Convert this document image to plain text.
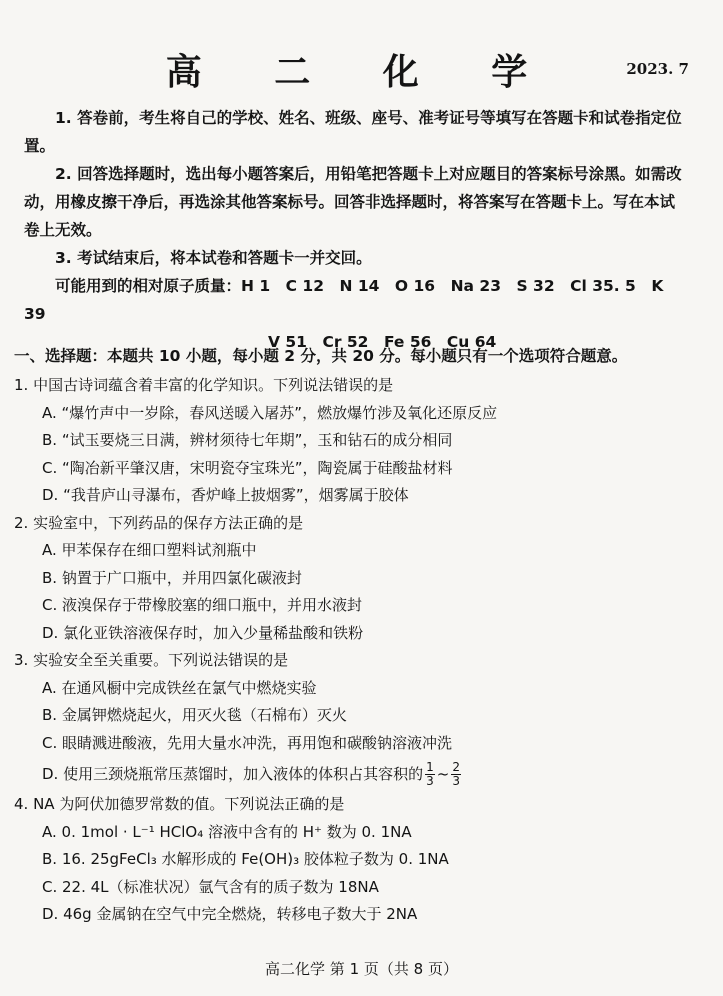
高 二 化 学	2023. 7

1. 答卷前，考生将自己的学校、姓名、班级、座号、准考证号等填写在答题卡和试卷指定位置。

2. 回答选择题时，选出每小题答案后，用铅笔把答题卡上对应题目的答案标号涂黑。如需改动，用橡皮擦干净后，再选涂其他答案标号。回答非选择题时，将答案写在答题卡上。写在本试卷上无效。

3. 考试结束后，将本试卷和答题卡一并交回。

可能用到的相对原子质量：H 1　C 12　N 14　O 16　Na 23　S 32　Cl 35. 5　K 39

V 51　Cr 52　Fe 56　Cu 64

一、选择题：本题共 10 小题，每小题 2 分，共 20 分。每小题只有一个选项符合题意。
1. 中国古诗词蕴含着丰富的化学知识。下列说法错误的是
A. “爆竹声中一岁除，春风送暖入屠苏”，燃放爆竹涉及氧化还原反应
B. “试玉要烧三日满，辨材须待七年期”，玉和钻石的成分相同
C. “陶冶新平肇汉唐，宋明瓷夺宝珠光”，陶瓷属于硅酸盐材料
D. “我昔庐山寻瀑布，香炉峰上披烟雾”，烟雾属于胶体
2. 实验室中，下列药品的保存方法正确的是
A. 甲苯保存在细口塑料试剂瓶中
B. 钠置于广口瓶中，并用四氯化碳液封
C. 液溴保存于带橡胶塞的细口瓶中，并用水液封
D. 氯化亚铁溶液保存时，加入少量稀盐酸和铁粉
3. 实验安全至关重要。下列说法错误的是
A. 在通风橱中完成铁丝在氯气中燃烧实验
B. 金属钾燃烧起火，用灭火毯（石棉布）灭火
C. 眼睛溅进酸液，先用大量水冲洗，再用饱和碳酸钠溶液冲洗
D. 使用三颈烧瓶常压蒸馏时，加入液体的体积占其容积的 $\frac{1}{3}$ ~ $\frac{2}{3}$
4. NA 为阿伏加德罗常数的值。下列说法正确的是
A. 0. 1mol · L⁻¹ HClO₄ 溶液中含有的 H⁺ 数为 0. 1NA
B. 16. 25gFeCl₃ 水解形成的 Fe(OH)₃ 胶体粒子数为 0. 1NA
C. 22. 4L（标准状况）氩气含有的质子数为 18NA
D. 46g 金属钠在空气中完全燃烧，转移电子数大于 2NA
高二化学 第 1 页（共 8 页）
